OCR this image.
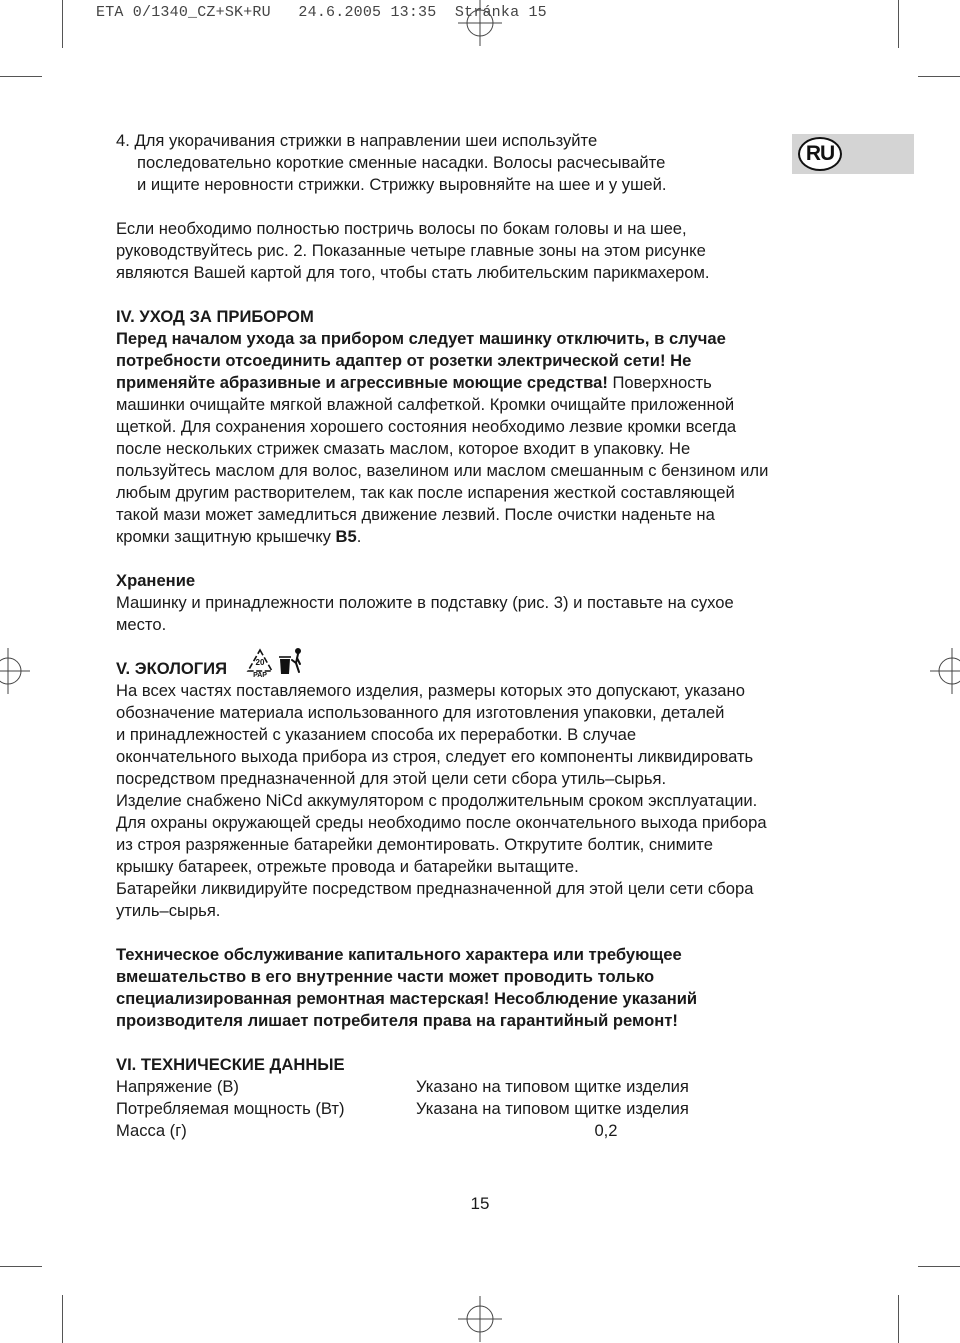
ETA 0/1340_CZ+SK+RU   24.6.2005 13:35  Stránka 15
RU

4. Для укорачивания стрижки в направлении шеи используйте

последовательно короткие сменные насадки. Волосы расчесывайте

и ищите неровности стрижки. Стрижку выровняйте на шее и у ушей.

Если необходимо полностью постричь волосы по бокам головы и на шее,

руководствуйтесь рис. 2. Показанные четыре главные зоны на этом рисунке

являются Вашей картой для того, чтобы стать любительским парикмахером.

IV. УХОД ЗА ПРИБОРОМ

Перед началом ухода за прибором следует машинку отключить, в случае

потребности отсоединить адаптер от розетки электрической сети! Не

применяйте абразивные и агрессивные моющие средства! Поверхность

машинки очищайте мягкой влажной салфеткой. Кромки очищайте приложенной

щеткой. Для сохранения хорошего состояния необходимо лезвие кромки всегда

после нескольких стрижек смазать маслом, которое входит в упаковку. Не

пользуйтесь маслом для волос, вазелином или маслом смешанным с бензином или

любым другим растворителем, так как после испарения жесткой составляющей

такой мази может замедлиться движение лезвий. После очистки наденьте на

кромки защитную крышечку B5.

Хранение

Машинку и принадлежности положите в подставку (рис. 3) и поставьте на сухое

место.

V. ЭКОЛОГИЯ	20
PAP

На всех частях поставляемого изделия, размеры которых это допускают, указано

обозначение материала использованного для изготовления упаковки, деталей

и принадлежностей с указанием способа их переработки. В случае

окончательного выхода прибора из строя, следует его компоненты ликвидировать

посредством предназначенной для этой цели сети сбора утиль–сырья.

Изделие снабжено NiCd аккумулятором с продолжительным сроком эксплуатации.

Для охраны окружающей среды необходимо после окончательного выхода прибора

из строя разряженные батарейки демонтировать. Открутите болтик, снимите

крышку батареек, отрежьте провода и батарейки вытащите.

Батарейки ликвидируйте посредством предназначенной для этой цели сети сбора

утиль–сырья.

Техническое обслуживание капитального характера или требующее

вмешательство в его внутренние части может проводить только

специализированная ремонтная мастерская! Несоблюдение указаний

производителя лишает потребителя права на гарантийный ремонт!

VI. ТЕХНИЧЕСКИЕ ДАННЫЕ

Напряжение (В)	Указано на типовом щитке изделия
Потребляемая мощность (Вт)	Указана на типовом щитке изделия
Масса (г)	0,2
15
